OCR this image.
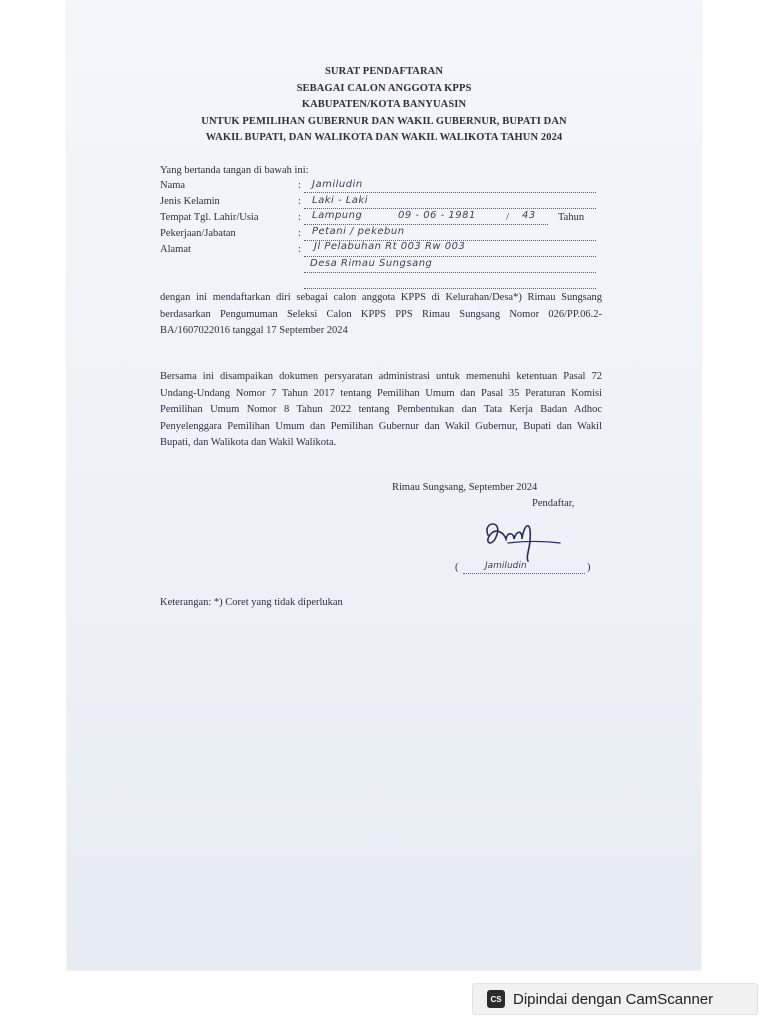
SURAT PENDAFTARAN
SEBAGAI CALON ANGGOTA KPPS
KABUPATEN/KOTA BANYUASIN
UNTUK PEMILIHAN GUBERNUR DAN WAKIL GUBERNUR, BUPATI DAN
WAKIL BUPATI, DAN WALIKOTA DAN WAKIL WALIKOTA TAHUN 2024
Yang bertanda tangan di bawah ini:
Nama	: Jamiludin
Jenis Kelamin	: Laki - Laki
Tempat Tgl. Lahir/Usia	: Lampung	09 - 06 - 1981	/ 43 Tahun
Pekerjaan/Jabatan	: Petani / pekebun
Alamat	: Jl Pelabuhan Rt 003 Rw 003
Desa Rimau Sungsang
dengan ini mendaftarkan diri sebagai calon anggota KPPS di Kelurahan/Desa*) Rimau Sungsang berdasarkan Pengumuman Seleksi Calon KPPS PPS Rimau Sungsang Nomor 026/PP.06.2-BA/1607022016 tanggal 17 September 2024
Bersama ini disampaikan dokumen persyaratan administrasi untuk memenuhi ketentuan Pasal 72 Undang-Undang Nomor 7 Tahun 2017 tentang Pemilihan Umum dan Pasal 35 Peraturan Komisi Pemilihan Umum Nomor 8 Tahun 2022 tentang Pembentukan dan Tata Kerja Badan Adhoc Penyelenggara Pemilihan Umum dan Pemilihan Gubernur dan Wakil Gubernur, Bupati dan Wakil Bupati, dan Walikota dan Wakil Walikota.
Rimau Sungsang, September 2024
Pendaftar,
(	Jamiludin	)
Keterangan: *) Coret yang tidak diperlukan
CS Dipindai dengan CamScanner
